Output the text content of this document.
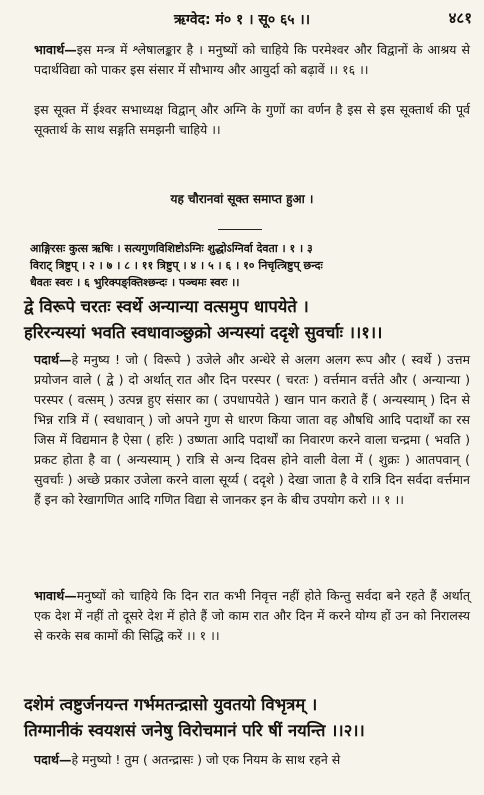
ऋग्वेद: मं० १ । सू० ६५ ।।	४८१

भावार्थ—इस मन्त्र में श्लेषालङ्कार है । मनुष्यों को चाहिये कि परमेश्वर और विद्वानों के आश्रय से पदार्थविद्या को पाकर इस संसार में सौभाग्य और आयुर्दा को बढ़ावें ।। १६ ।।

इस सूक्त में ईश्वर सभाध्यक्ष विद्वान् और अग्नि के गुणों का वर्णन है इस से इस सूक्तार्थ की पूर्व सूक्तार्थ के साथ सङ्गति समझनी चाहिये ।।

यह चौरानवां सूक्त समाप्त हुआ ।

आङ्गिरसः कुत्स ऋषिः । सत्यगुणविशिष्टोऽग्निः शुद्धोऽग्निर्वा देवता । १ । ३
विराट् त्रिष्टुप् । २ । ७ । ८ । ११ त्रिष्टुप् । ४ । ५ । ६ । १० निचृत्त्रिष्टुप् छन्दः
धैवतः स्वरः । ६ भुरिक्पङ्क्तिश्छन्दः । पञ्चमः स्वरः ।।
द्वे विरूपे चरतः स्वर्थे अन्यान्या वत्समुप धापयेते ।
हरिरन्यस्यां भवति स्वधावाञ्छुक्रो अन्यस्यां ददृशे सुवर्चाः ।।१।।

पदार्थ—हे मनुष्य ! जो ( विरूपे ) उजेले और अन्धेरे से अलग अलग रूप और ( स्वर्थे ) उत्तम प्रयोजन वाले ( द्वे ) दो अर्थात् रात और दिन परस्पर ( चरतः ) वर्त्तमान वर्त्तते और ( अन्यान्या ) परस्पर ( वत्सम् ) उत्पन्न हुए संसार का ( उपधापयेते ) खान पान कराते हैं ( अन्यस्याम् ) दिन से भिन्न रात्रि में ( स्वधावान् ) जो अपने गुण से धारण किया जाता वह औषधि आदि पदार्थों का रस जिस में विद्यमान है ऐसा ( हरिः ) उष्णता आदि पदार्थों का निवारण करने वाला चन्द्रमा ( भवति ) प्रकट होता है वा ( अन्यस्याम् ) रात्रि से अन्य दिवस होने वाली वेला में ( शुक्रः ) आतपवान् ( सुवर्चाः ) अच्छे प्रकार उजेला करने वाला सूर्य्य ( ददृशे ) देखा जाता है वे रात्रि दिन सर्वदा वर्त्तमान हैं इन को रेखागणित आदि गणित विद्या से जानकर इन के बीच उपयोग करो ।। १ ।।

भावार्थ—मनुष्यों को चाहिये कि दिन रात कभी निवृत्त नहीं होते किन्तु सर्वदा बने रहते हैं अर्थात् एक देश में नहीं तो दूसरे देश में होते हैं जो काम रात और दिन में करने योग्य हों उन को निरालस्य से करके सब कामों की सिद्धि करें ।। १ ।।

दशेमं त्वष्टुर्जनयन्त गर्भमतन्द्रासो युवतयो विभृत्रम् ।
तिग्मानीकं स्वयशसं जनेषु विरोचमानं परि षीं नयन्ति ।।२।।

पदार्थ—हे मनुष्यो ! तुम ( अतन्द्रासः ) जो एक नियम के साथ रहने से
